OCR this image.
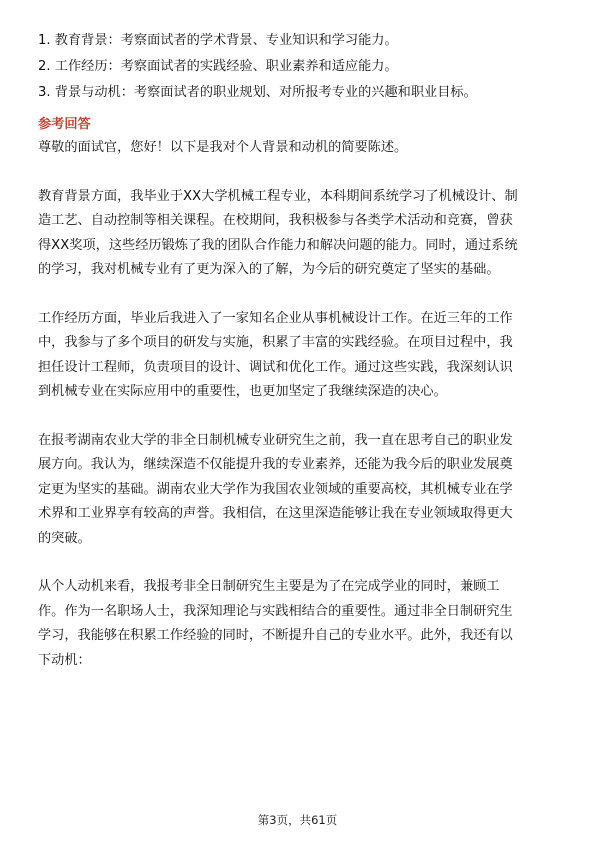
1. 教育背景：考察面试者的学术背景、专业知识和学习能力。
2. 工作经历：考察面试者的实践经验、职业素养和适应能力。
3. 背景与动机：考察面试者的职业规划、对所报考专业的兴趣和职业目标。
参考回答

尊敬的面试官，您好！以下是我对个人背景和动机的简要陈述。

教育背景方面，我毕业于XX大学机械工程专业，本科期间系统学习了机械设计、制
造工艺、自动控制等相关课程。在校期间，我积极参与各类学术活动和竞赛，曾获
得XX奖项，这些经历锻炼了我的团队合作能力和解决问题的能力。同时，通过系统
的学习，我对机械专业有了更为深入的了解，为今后的研究奠定了坚实的基础。

工作经历方面，毕业后我进入了一家知名企业从事机械设计工作。在近三年的工作
中，我参与了多个项目的研发与实施，积累了丰富的实践经验。在项目过程中，我
担任设计工程师，负责项目的设计、调试和优化工作。通过这些实践，我深刻认识
到机械专业在实际应用中的重要性，也更加坚定了我继续深造的决心。

在报考湖南农业大学的非全日制机械专业研究生之前，我一直在思考自己的职业发
展方向。我认为，继续深造不仅能提升我的专业素养，还能为我今后的职业发展奠
定更为坚实的基础。湖南农业大学作为我国农业领域的重要高校，其机械专业在学
术界和工业界享有较高的声誉。我相信，在这里深造能够让我在专业领域取得更大
的突破。

从个人动机来看，我报考非全日制研究生主要是为了在完成学业的同时，兼顾工
作。作为一名职场人士，我深知理论与实践相结合的重要性。通过非全日制研究生
学习，我能够在积累工作经验的同时，不断提升自己的专业水平。此外，我还有以
下动机：

第3页，共61页
